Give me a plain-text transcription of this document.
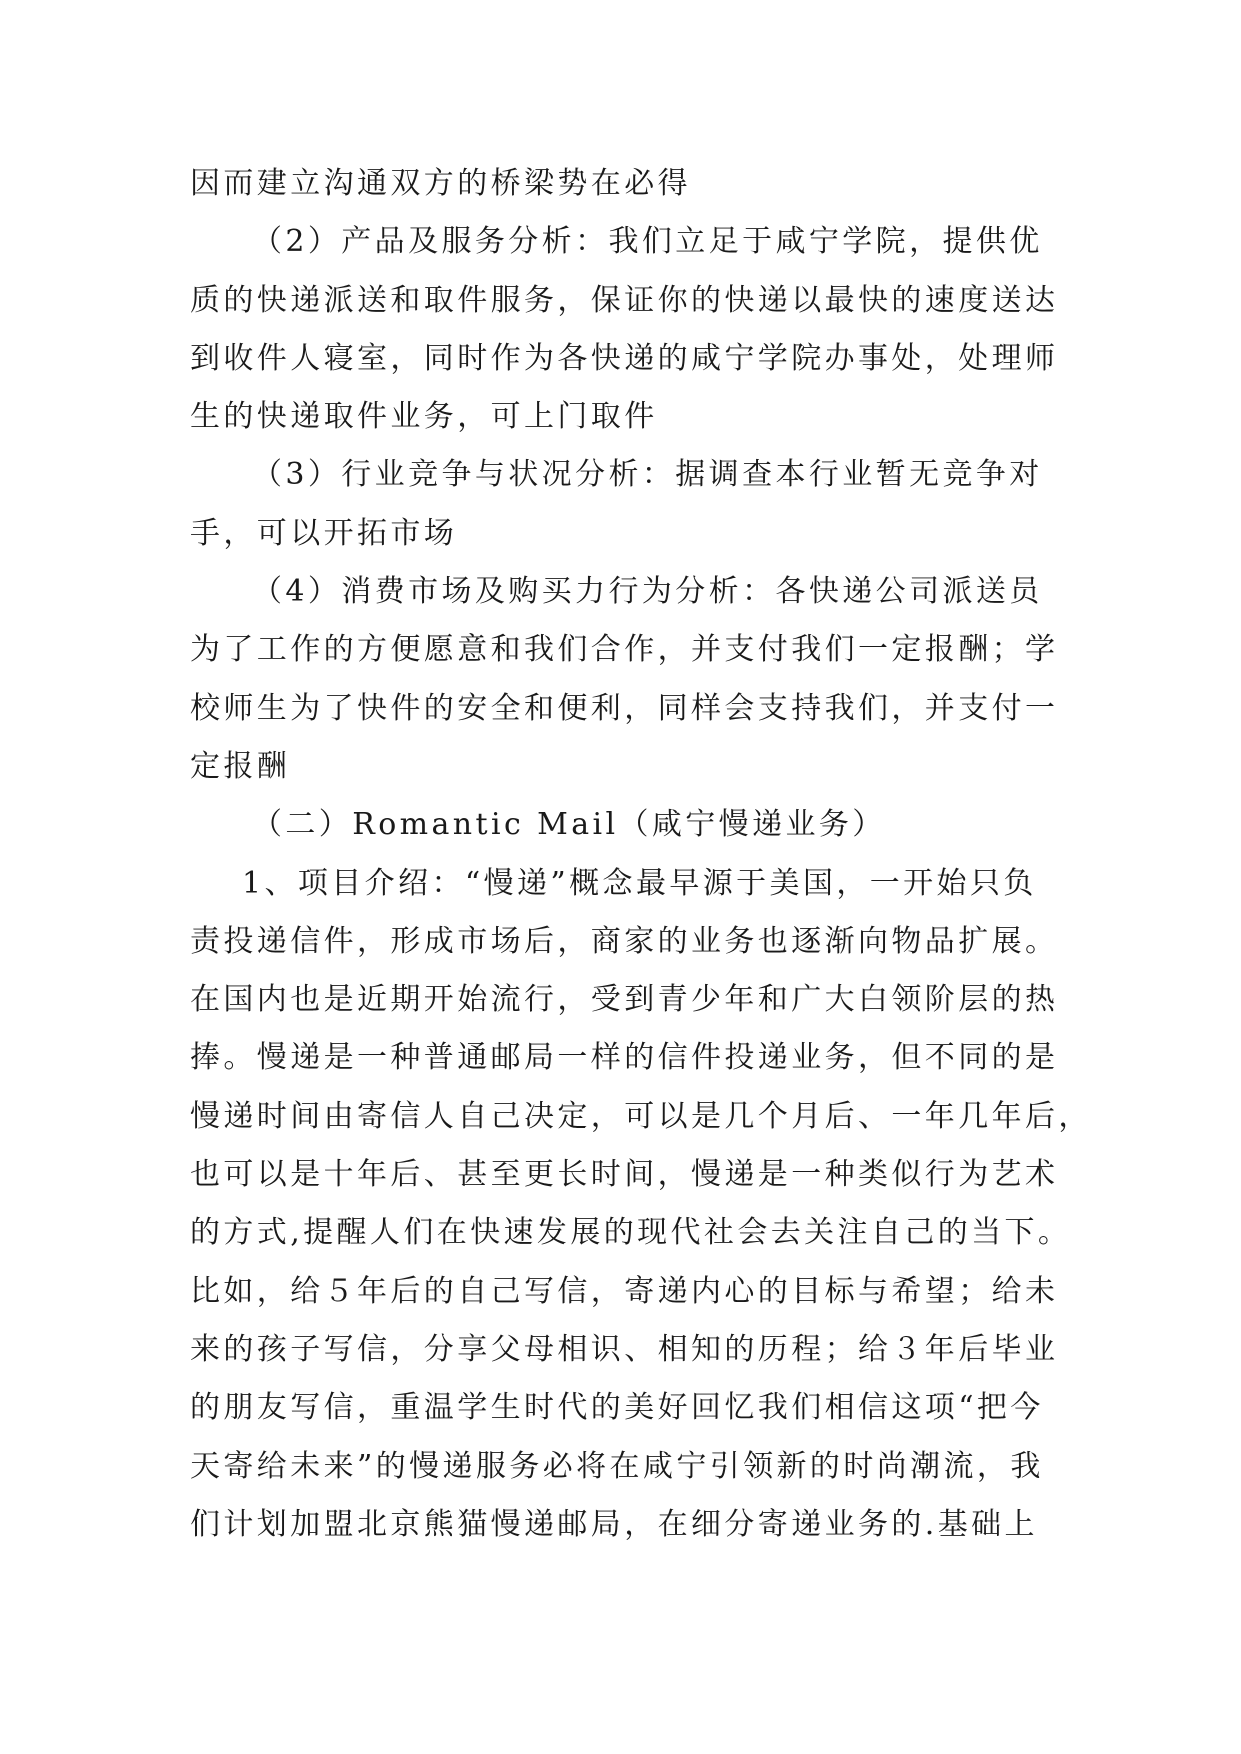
因而建立沟通双方的桥梁势在必得
（2）产品及服务分析：我们立足于咸宁学院，提供优
质的快递派送和取件服务，保证你的快递以最快的速度送达
到收件人寝室，同时作为各快递的咸宁学院办事处，处理师
生的快递取件业务，可上门取件
（3）行业竞争与状况分析：据调查本行业暂无竞争对
手，可以开拓市场
（4）消费市场及购买力行为分析：各快递公司派送员
为了工作的方便愿意和我们合作，并支付我们一定报酬；学
校师生为了快件的安全和便利，同样会支持我们，并支付一
定报酬
（二）Romantic Mail（咸宁慢递业务）
1、项目介绍：“慢递”概念最早源于美国，一开始只负
责投递信件，形成市场后，商家的业务也逐渐向物品扩展。
在国内也是近期开始流行，受到青少年和广大白领阶层的热
捧。慢递是一种普通邮局一样的信件投递业务，但不同的是
慢递时间由寄信人自己决定，可以是几个月后、一年几年后，
也可以是十年后、甚至更长时间，慢递是一种类似行为艺术
的方式,提醒人们在快速发展的现代社会去关注自己的当下。
比如，给５年后的自己写信，寄递内心的目标与希望；给未
来的孩子写信，分享父母相识、相知的历程；给３年后毕业
的朋友写信，重温学生时代的美好回忆我们相信这项“把今
天寄给未来”的慢递服务必将在咸宁引领新的时尚潮流，我
们计划加盟北京熊猫慢递邮局，在细分寄递业务的.基础上
